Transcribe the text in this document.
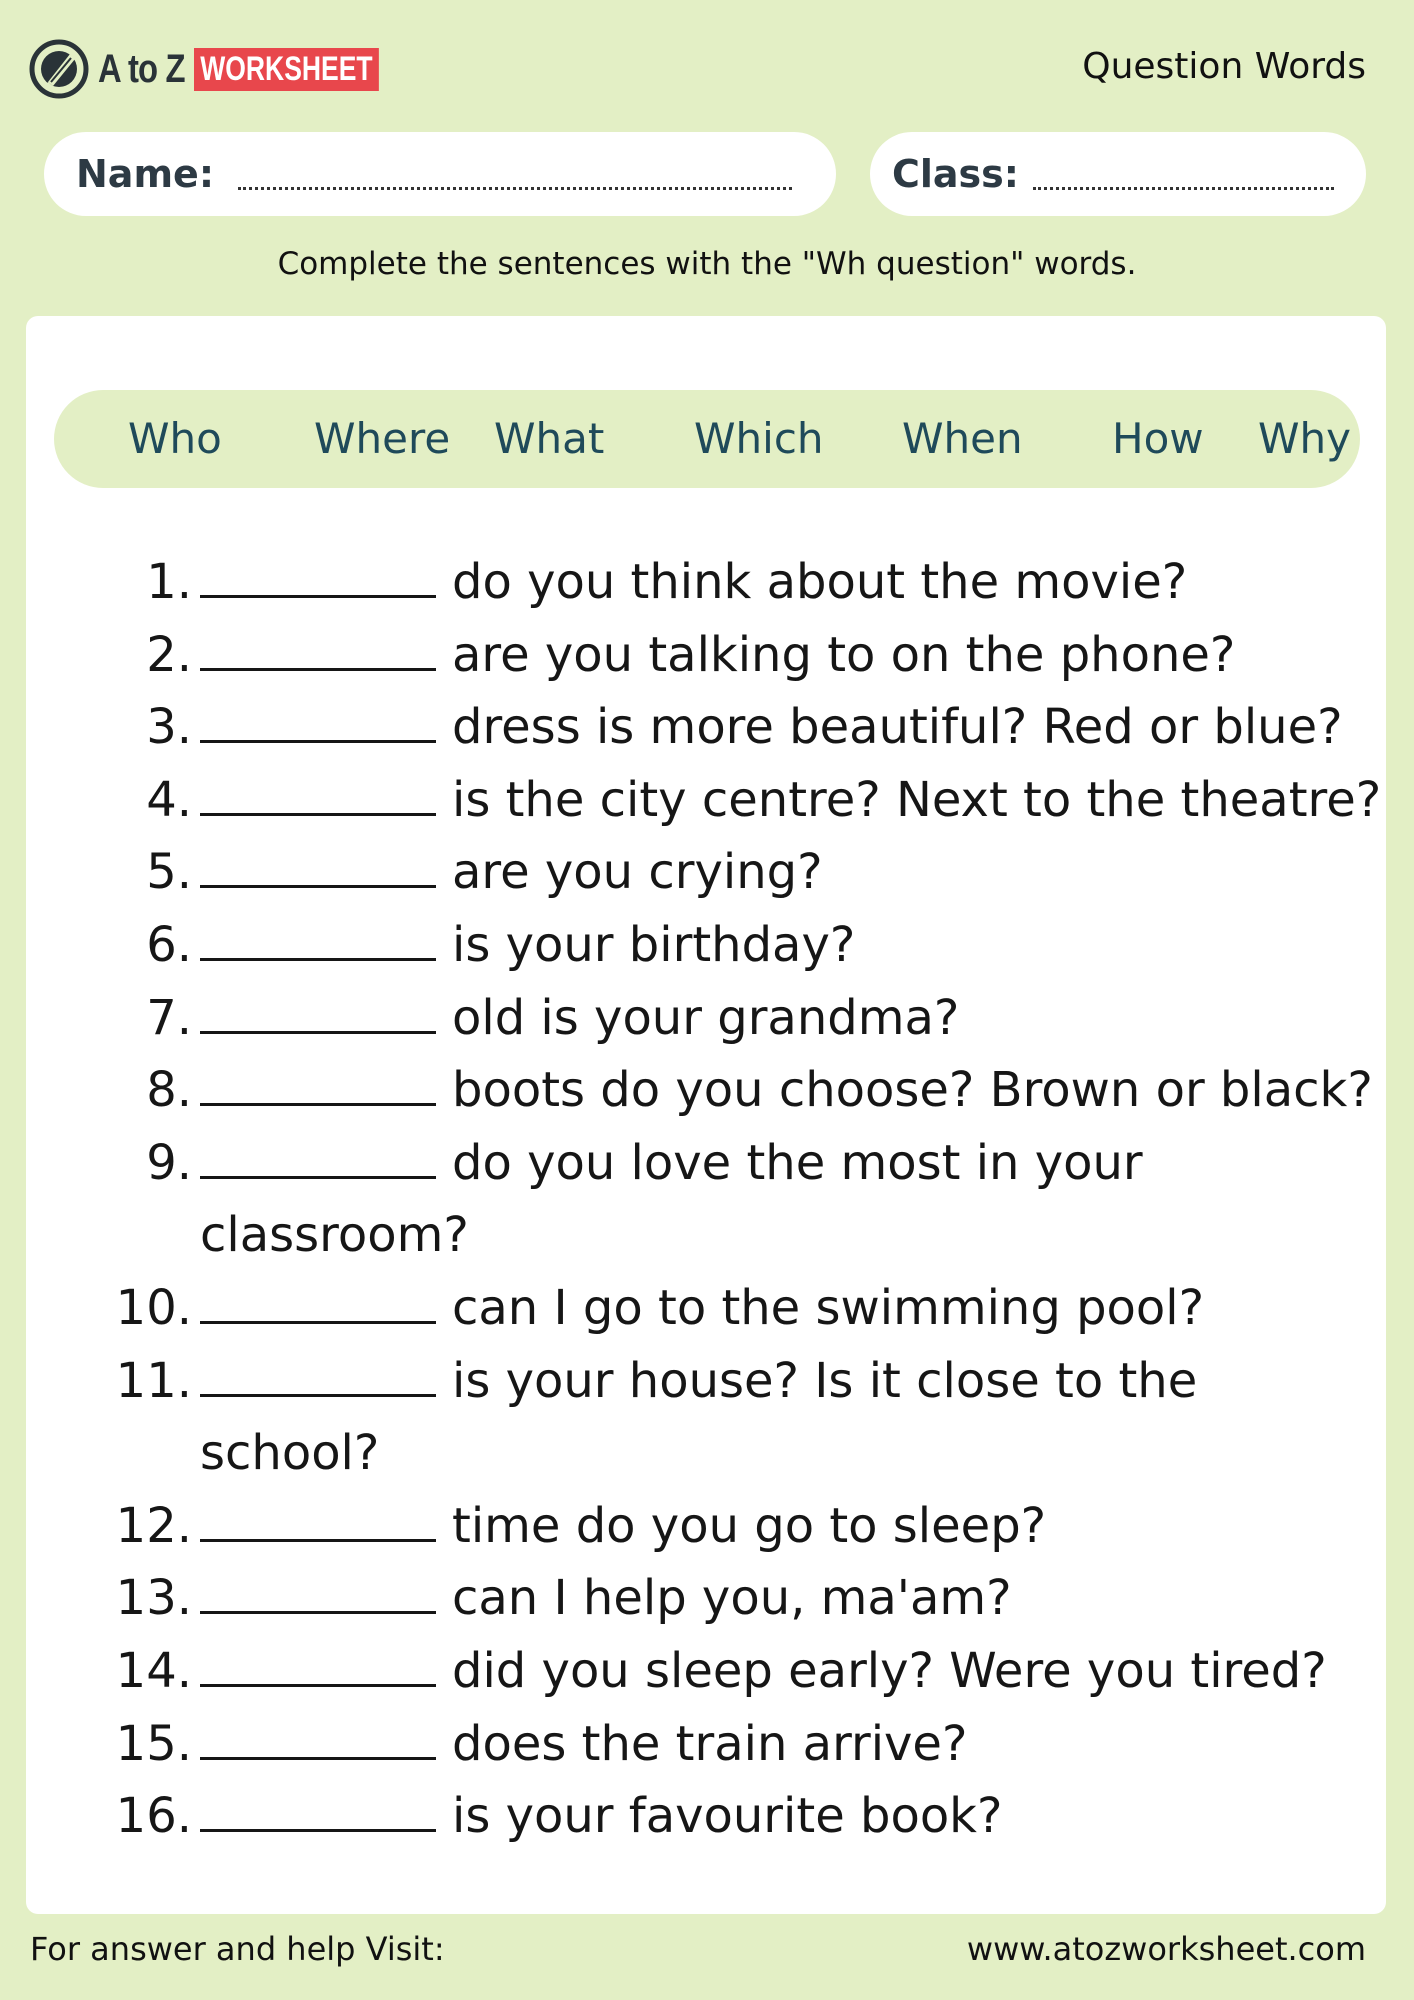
A to Z WORKSHEET	Question Words
Name:	Class:
Complete the sentences with the "Wh question" words.
Who Where What Which When How Why
1.	do you think about the movie?
2.	are you talking to on the phone?
3.	dress is more beautiful? Red or blue?
4.	is the city centre? Next to the theatre?
5.	are you crying?
6.	is your birthday?
7.	old is your grandma?
8.	boots do you choose? Brown or black?
9.	do you love the most in your
classroom?
10.	can I go to the swimming pool?
11.	is your house? Is it close to the
school?
12.	time do you go to sleep?
13.	can I help you, ma'am?
14.	did you sleep early? Were you tired?
15.	does the train arrive?
16.	is your favourite book?
For answer and help Visit:	www.atozworksheet.com
